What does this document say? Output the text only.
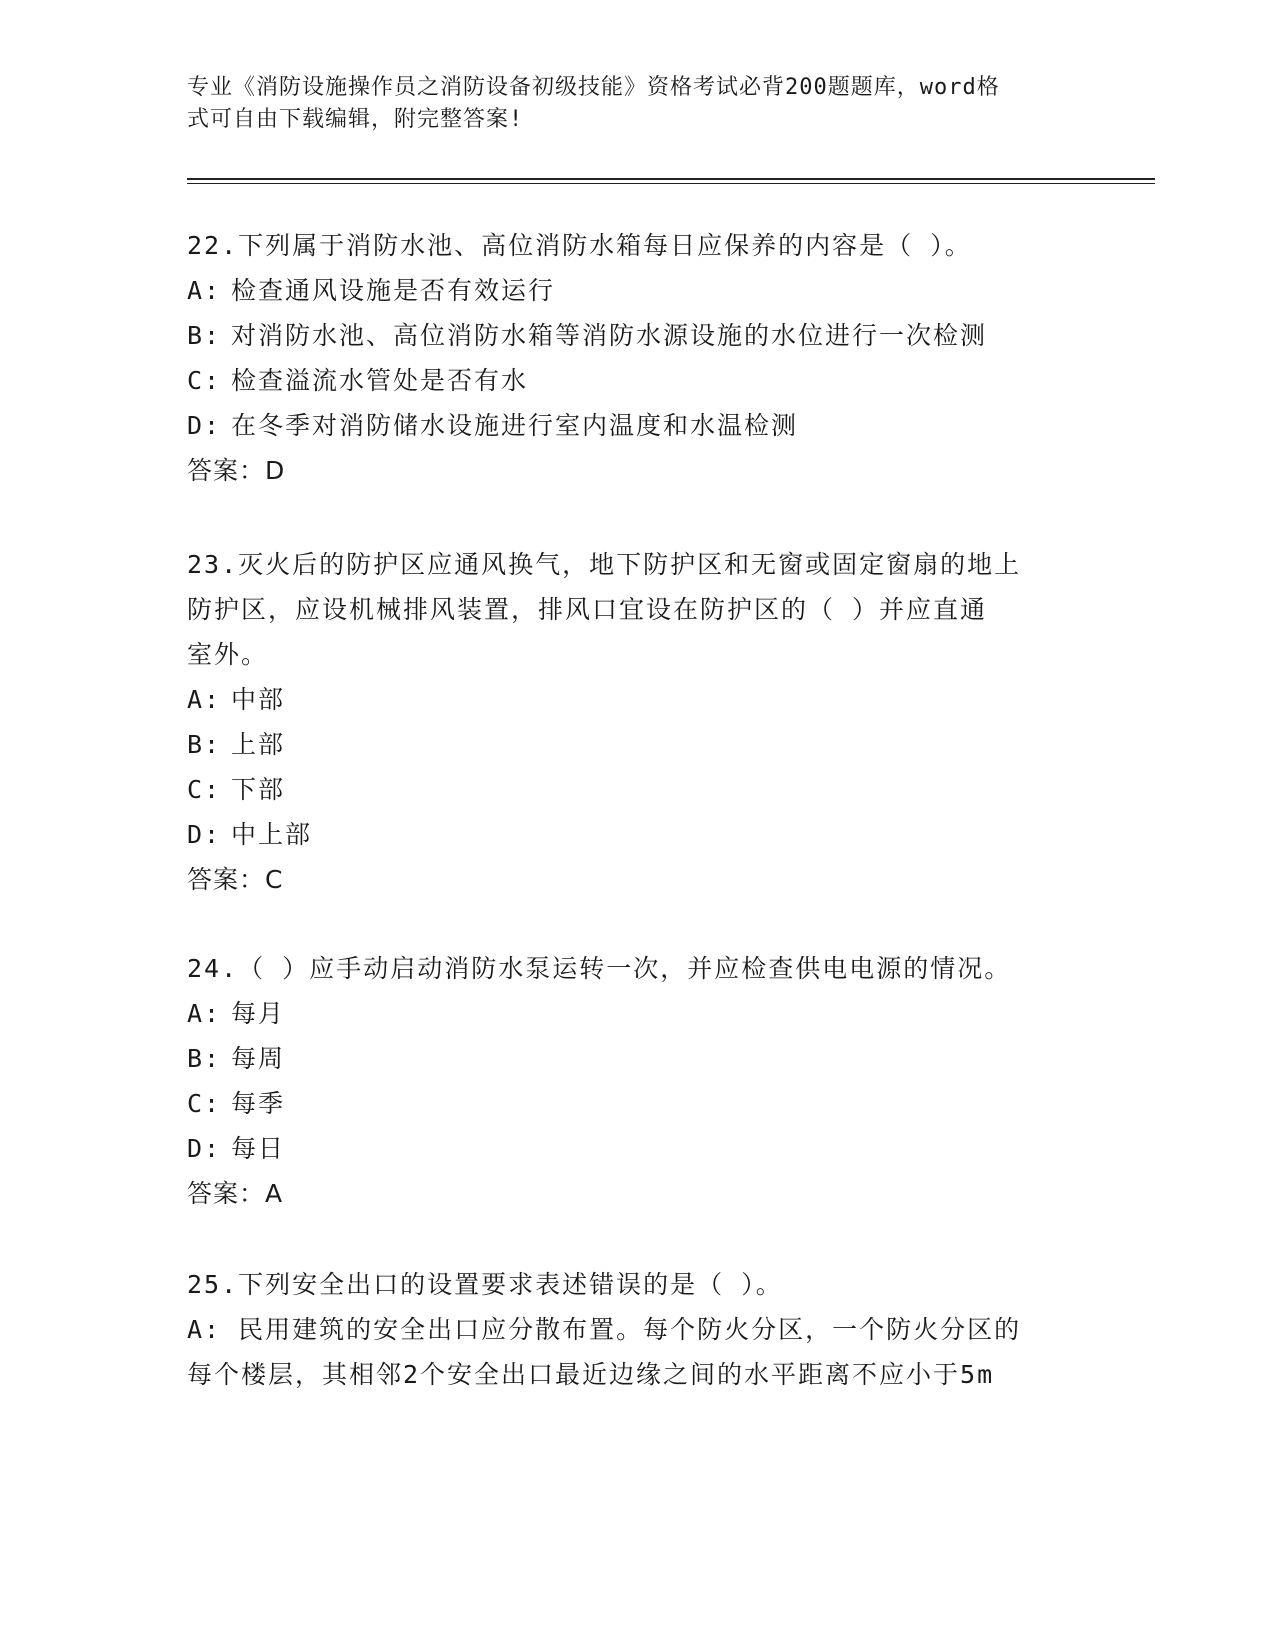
专业《消防设施操作员之消防设备初级技能》资格考试必背200题题库，word格
式可自由下载编辑，附完整答案!

22.下列属于消防水池、高位消防水箱每日应保养的内容是（ ）。

A: 检查通风设施是否有效运行

B: 对消防水池、高位消防水箱等消防水源设施的水位进行一次检测

C: 检查溢流水管处是否有水

D: 在冬季对消防储水设施进行室内温度和水温检测

答案：D

23.灭火后的防护区应通风换气，地下防护区和无窗或固定窗扇的地上

防护区，应设机械排风装置，排风口宜设在防护区的（ ）并应直通

室外。

A: 中部

B: 上部

C: 下部

D: 中上部

答案：C

24.（ ）应手动启动消防水泵运转一次，并应检查供电电源的情况。

A: 每月

B: 每周

C: 每季

D: 每日

答案：A

25.下列安全出口的设置要求表述错误的是（ ）。

A: 民用建筑的安全出口应分散布置。每个防火分区，一个防火分区的

每个楼层，其相邻2个安全出口最近边缘之间的水平距离不应小于5m
